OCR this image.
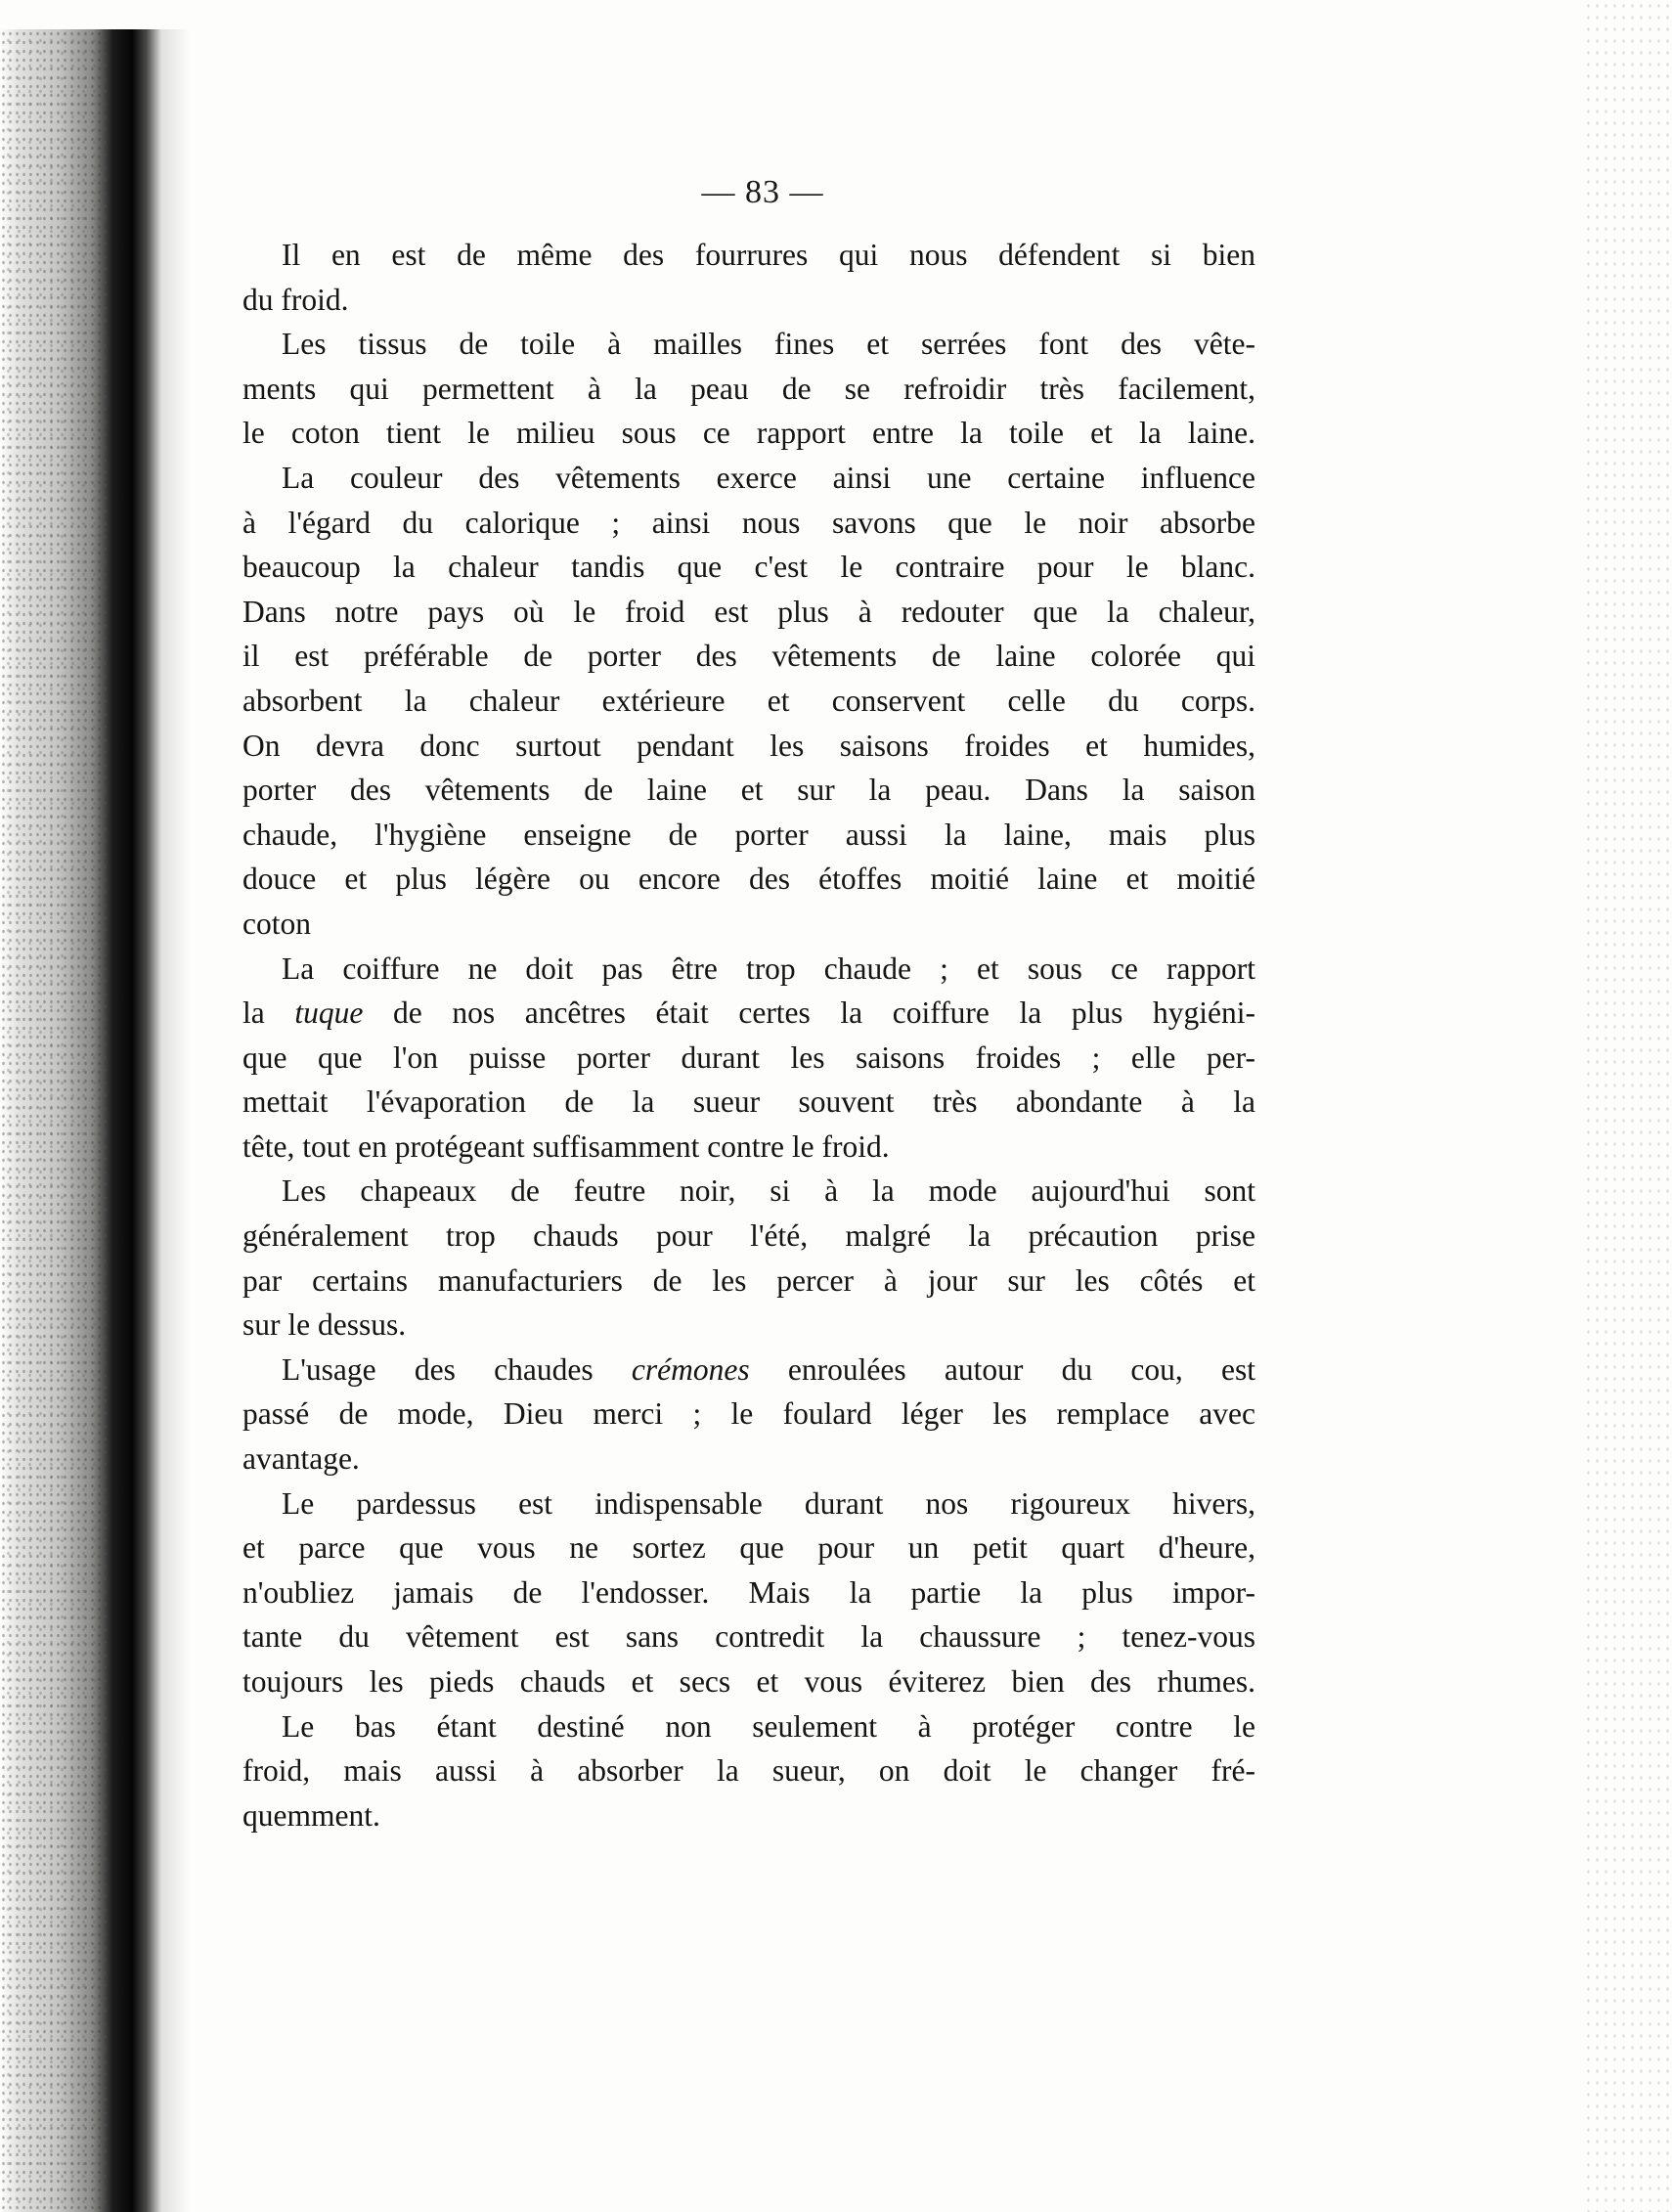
— 83 —
Il en est de même des fourrures qui nous défendent si bien
du froid.
Les tissus de toile à mailles fines et serrées font des vête-
ments qui permettent à la peau de se refroidir très facilement,
le coton tient le milieu sous ce rapport entre la toile et la laine.
La couleur des vêtements exerce ainsi une certaine influence
à l'égard du calorique ; ainsi nous savons que le noir absorbe
beaucoup la chaleur tandis que c'est le contraire pour le blanc.
Dans notre pays où le froid est plus à redouter que la chaleur,
il est préférable de porter des vêtements de laine colorée qui
absorbent la chaleur extérieure et conservent celle du corps.
On devra donc surtout pendant les saisons froides et humides,
porter des vêtements de laine et sur la peau. Dans la saison
chaude, l'hygiène enseigne de porter aussi la laine, mais plus
douce et plus légère ou encore des étoffes moitié laine et moitié
coton
La coiffure ne doit pas être trop chaude ; et sous ce rapport
la tuque de nos ancêtres était certes la coiffure la plus hygiéni-
que que l'on puisse porter durant les saisons froides ; elle per-
mettait l'évaporation de la sueur souvent très abondante à la
tête, tout en protégeant suffisamment contre le froid.
Les chapeaux de feutre noir, si à la mode aujourd'hui sont
généralement trop chauds pour l'été, malgré la précaution prise
par certains manufacturiers de les percer à jour sur les côtés et
sur le dessus.
L'usage des chaudes crémones enroulées autour du cou, est
passé de mode, Dieu merci ; le foulard léger les remplace avec
avantage.
Le pardessus est indispensable durant nos rigoureux hivers,
et parce que vous ne sortez que pour un petit quart d'heure,
n'oubliez jamais de l'endosser. Mais la partie la plus impor-
tante du vêtement est sans contredit la chaussure ; tenez-vous
toujours les pieds chauds et secs et vous éviterez bien des rhumes.
Le bas étant destiné non seulement à protéger contre le
froid, mais aussi à absorber la sueur, on doit le changer fré-
quemment.
